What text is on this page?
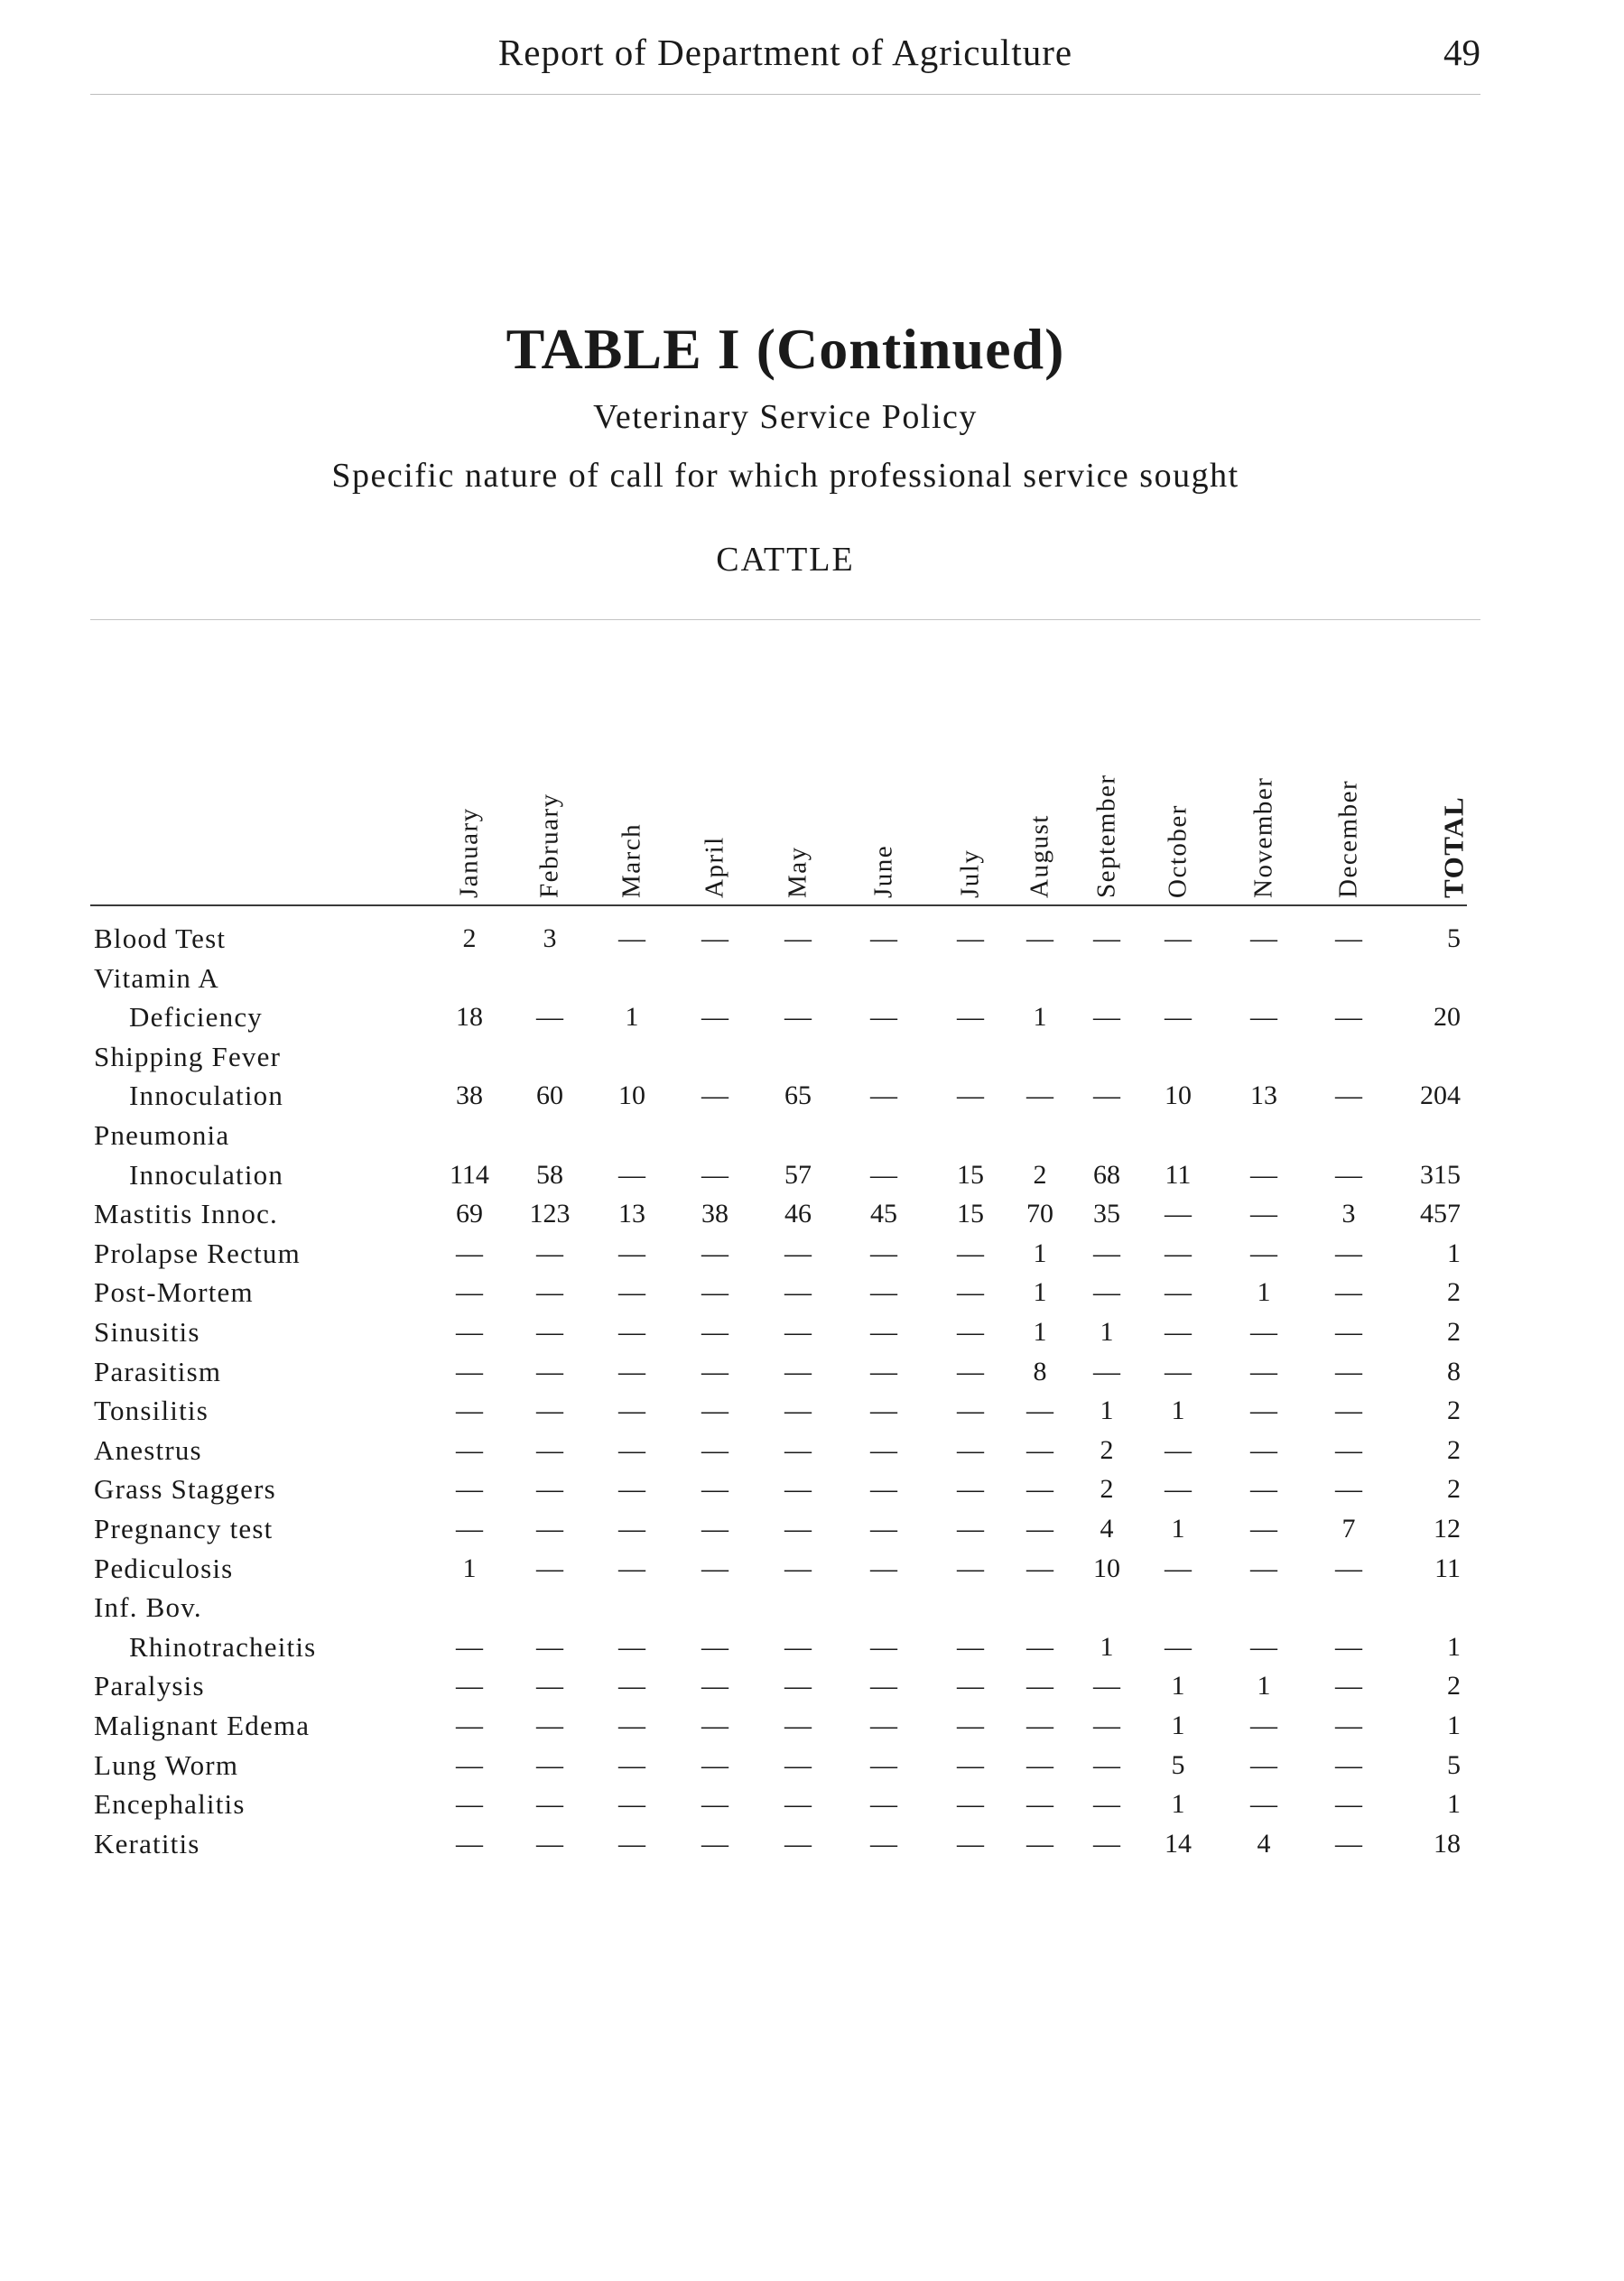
Report of Department of Agriculture	49
TABLE I (Continued)
Veterinary Service Policy
Specific nature of call for which professional service sought
CATTLE
January February March April May June July August September October November December	TOTAL
Blood Test	2	3	—	—	—	—	—	—	—	—	—	—	5
Vitamin A
Deficiency	18	—	1	—	—	—	—	1	—	—	—	—	20
Shipping Fever
Innoculation	38	60	10	—	65	—	—	—	—	10	13	—	204
Pneumonia
Innoculation	114	58	—	—	57	—	15	2	68	11	—	—	315
Mastitis Innoc.	69	123	13	38	46	45	15	70	35	—	—	3	457
Prolapse Rectum	—	—	—	—	—	—	—	1	—	—	—	—	1
Post-Mortem	—	—	—	—	—	—	—	1	—	—	1	—	2
Sinusitis	—	—	—	—	—	—	—	1	1	—	—	—	2
Parasitism	—	—	—	—	—	—	—	8	—	—	—	—	8
Tonsilitis	—	—	—	—	—	—	—	—	1	1	—	—	2
Anestrus	—	—	—	—	—	—	—	—	2	—	—	—	2
Grass Staggers	—	—	—	—	—	—	—	—	2	—	—	—	2
Pregnancy test	—	—	—	—	—	—	—	—	4	1	—	7	12
Pediculosis	1	—	—	—	—	—	—	—	10	—	—	—	11
Inf. Bov.
Rhinotracheitis	—	—	—	—	—	—	—	—	1	—	—	—	1
Paralysis	—	—	—	—	—	—	—	—	—	1	1	—	2
Malignant Edema	—	—	—	—	—	—	—	—	—	1	—	—	1
Lung Worm	—	—	—	—	—	—	—	—	—	5	—	—	5
Encephalitis	—	—	—	—	—	—	—	—	—	1	—	—	1
Keratitis	—	—	—	—	—	—	—	—	—	14	4	—	18
